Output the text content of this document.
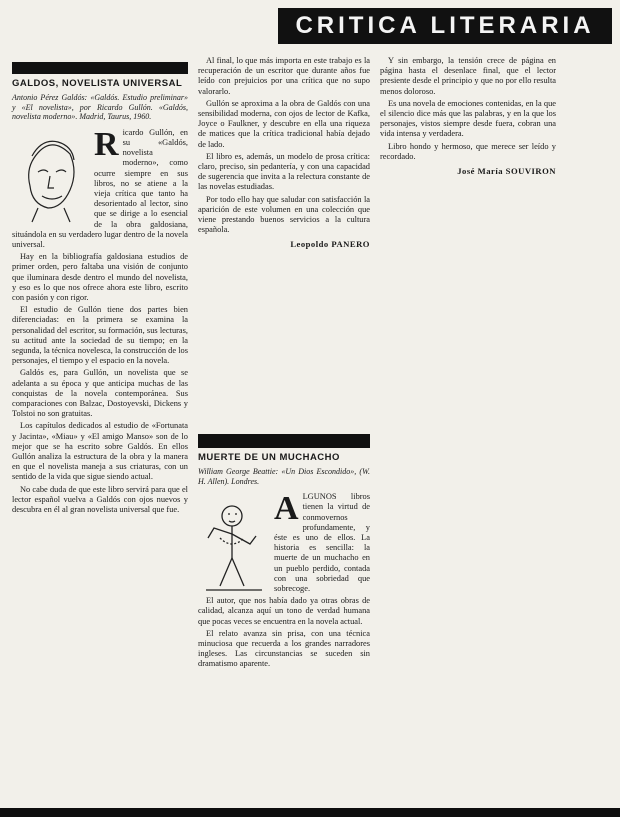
CRITICA LITERARIA
GALDOS, NOVELISTA UNIVERSAL
Antonio Pérez Galdós: «Galdós. Estudio preliminar» y «El novelista», por Ricardo Gullón. «Galdós, novelista moderno». Madrid, Taurus, 1960.
R icardo Gullón, en su «Galdós, novelista moderno», como ocurre siempre en sus libros, no se atiene a la vieja crítica que tanto ha desorientado al lector, sino que se dirige a lo esencial de la obra galdosiana, situándola en su verdadero lugar dentro de la novela universal.

Hay en la bibliografía galdosiana estudios de primer orden, pero faltaba una visión de conjunto que iluminara desde dentro el mundo del novelista, y eso es lo que nos ofrece ahora este libro, escrito con pasión y con rigor.

El estudio de Gullón tiene dos partes bien diferenciadas: en la primera se examina la personalidad del escritor, su formación, sus lecturas, su actitud ante la sociedad de su tiempo; en la segunda, la técnica novelesca, la construcción de los personajes, el tiempo y el espacio en la novela.

Galdós es, para Gullón, un novelista que se adelanta a su época y que anticipa muchas de las conquistas de la novela contemporánea. Sus comparaciones con Balzac, Dostoyevski, Dickens y Tolstoi no son gratuitas.

Los capítulos dedicados al estudio de «Fortunata y Jacinta», «Miau» y «El amigo Manso» son de lo mejor que se ha escrito sobre Galdós. En ellos Gullón analiza la estructura de la obra y la manera en que el novelista maneja a sus criaturas, con un sentido de la vida que sigue siendo actual.

No cabe duda de que este libro servirá para que el lector español vuelva a Galdós con ojos nuevos y descubra en él al gran novelista universal que fue.

Al final, lo que más importa en este trabajo es la recuperación de un escritor que durante años fue leído con prejuicios por una crítica que no supo valorarlo.

Gullón se aproxima a la obra de Galdós con una sensibilidad moderna, con ojos de lector de Kafka, Joyce o Faulkner, y descubre en ella una riqueza de matices que la crítica tradicional había dejado de lado.

El libro es, además, un modelo de prosa crítica: claro, preciso, sin pedantería, y con una capacidad de sugerencia que invita a la relectura constante de las novelas estudiadas.

Por todo ello hay que saludar con satisfacción la aparición de este volumen en una colección que viene prestando buenos servicios a la cultura española.

Leopoldo PANERO
MUERTE DE UN MUCHACHO
William George Beattie: «Un Dios Escondido», (W. H. Allen). Londres.
A LGUNOS libros tienen la virtud de conmovernos profundamente, y éste es uno de ellos. La historia es sencilla: la muerte de un muchacho en un pueblo perdido, contada con una sobriedad que sobrecoge.

El autor, que nos había dado ya otras obras de calidad, alcanza aquí un tono de verdad humana que pocas veces se encuentra en la novela actual.

El relato avanza sin prisa, con una técnica minuciosa que recuerda a los grandes narradores ingleses. Las circunstancias se suceden sin dramatismo aparente.

Y sin embargo, la tensión crece de página en página hasta el desenlace final, que el lector presiente desde el principio y que no por ello resulta menos doloroso.

Es una novela de emociones contenidas, en la que el silencio dice más que las palabras, y en la que los personajes, vistos siempre desde fuera, cobran una vida intensa y verdadera.

Libro hondo y hermoso, que merece ser leído y recordado.

José María SOUVIRON
